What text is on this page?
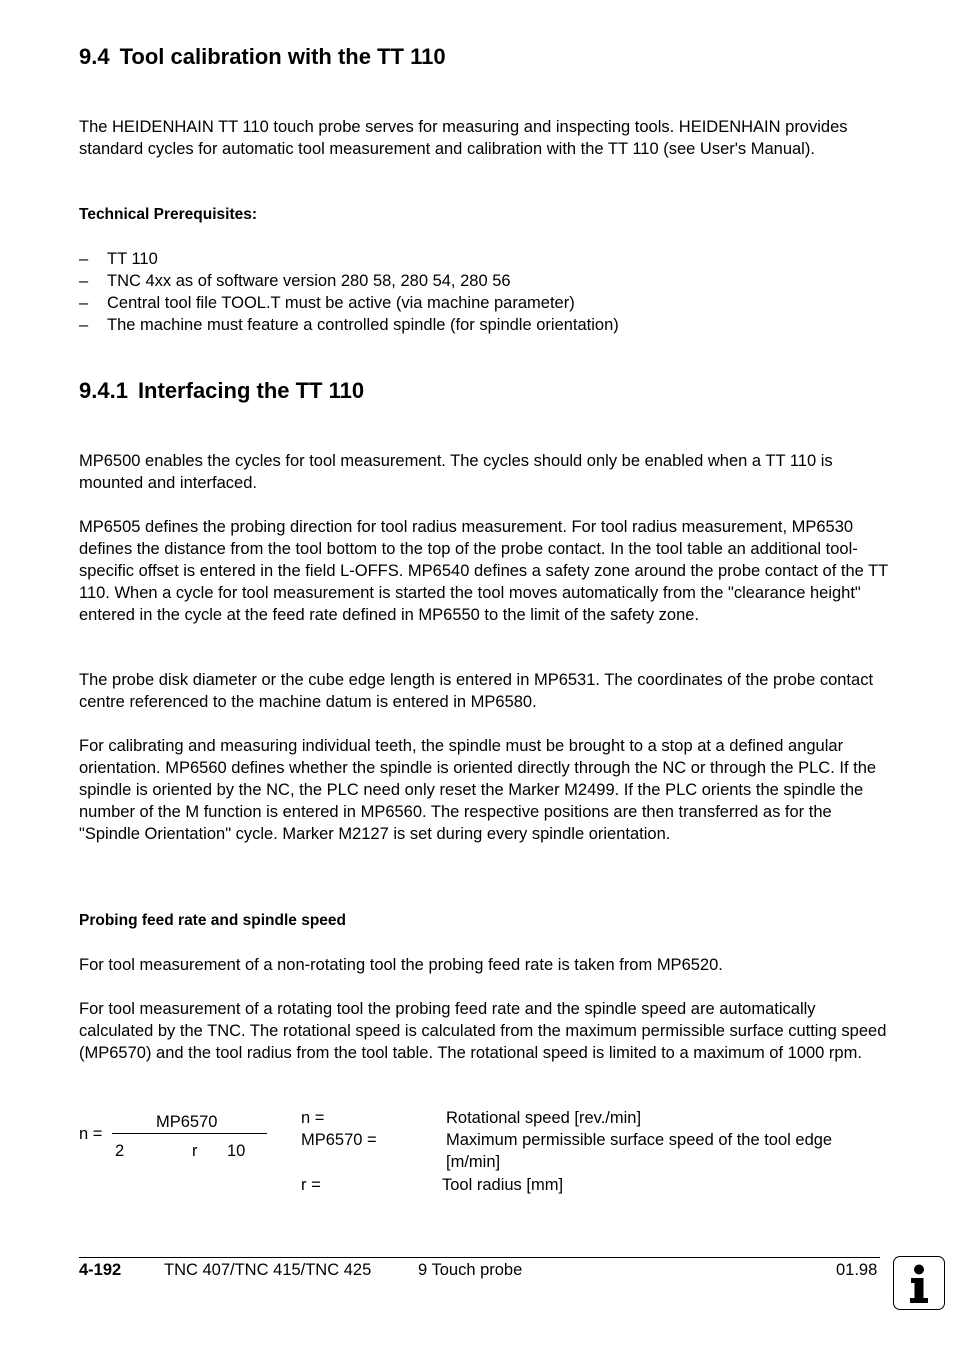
9.4 Tool calibration with the TT 110

The HEIDENHAIN TT 110 touch probe serves for measuring and inspecting tools. HEIDENHAIN provides standard cycles for automatic tool measurement and calibration with the TT 110 (see User's Manual).

Technical Prerequisites:
– TT 110
– TNC 4xx as of software version 280 58, 280 54, 280 56
– Central tool file TOOL.T must be active (via machine parameter)
– The machine must feature a controlled spindle (for spindle orientation)
9.4.1 Interfacing the TT 110

MP6500 enables the cycles for tool measurement. The cycles should only be enabled when a TT 110 is mounted and interfaced.

MP6505 defines the probing direction for tool radius measurement. For tool radius measurement, MP6530 defines the distance from the tool bottom to the top of the probe contact. In the tool table an additional tool-specific offset is entered in the field L-OFFS. MP6540 defines a safety zone around the probe contact of the TT 110. When a cycle for tool measurement is started the tool moves automatically from the "clearance height" entered in the cycle at the feed rate defined in MP6550 to the limit of the safety zone.

The probe disk diameter or the cube edge length is entered in MP6531. The coordinates of the probe contact centre referenced to the machine datum is entered in MP6580.

For calibrating and measuring individual teeth, the spindle must be brought to a stop at a defined angular orientation. MP6560 defines whether the spindle is oriented directly through the NC or through the PLC. If the spindle is oriented by the NC, the PLC need only reset the Marker M2499. If the PLC orients the spindle the number of the M function is entered in MP6560. The respective positions are then transferred as for the "Spindle Orientation" cycle. Marker M2127 is set during every spindle orientation.

Probing feed rate and spindle speed

For tool measurement of a non-rotating tool the probing feed rate is taken from MP6520.

For tool measurement of a rotating tool the probing feed rate and the spindle speed are automatically calculated by the TNC. The rotational speed is calculated from the maximum permissible surface cutting speed (MP6570) and the tool radius from the tool table. The rotational speed is limited to a maximum of 1000 rpm.

n =
MP6570
2	r 10
n =	Rotational speed [rev./min]
MP6570 =	Maximum permissible surface speed of the tool edge
[m/min]
r =	Tool radius [mm]
4-192	TNC 407/TNC 415/TNC 425	9 Touch probe	01.98
